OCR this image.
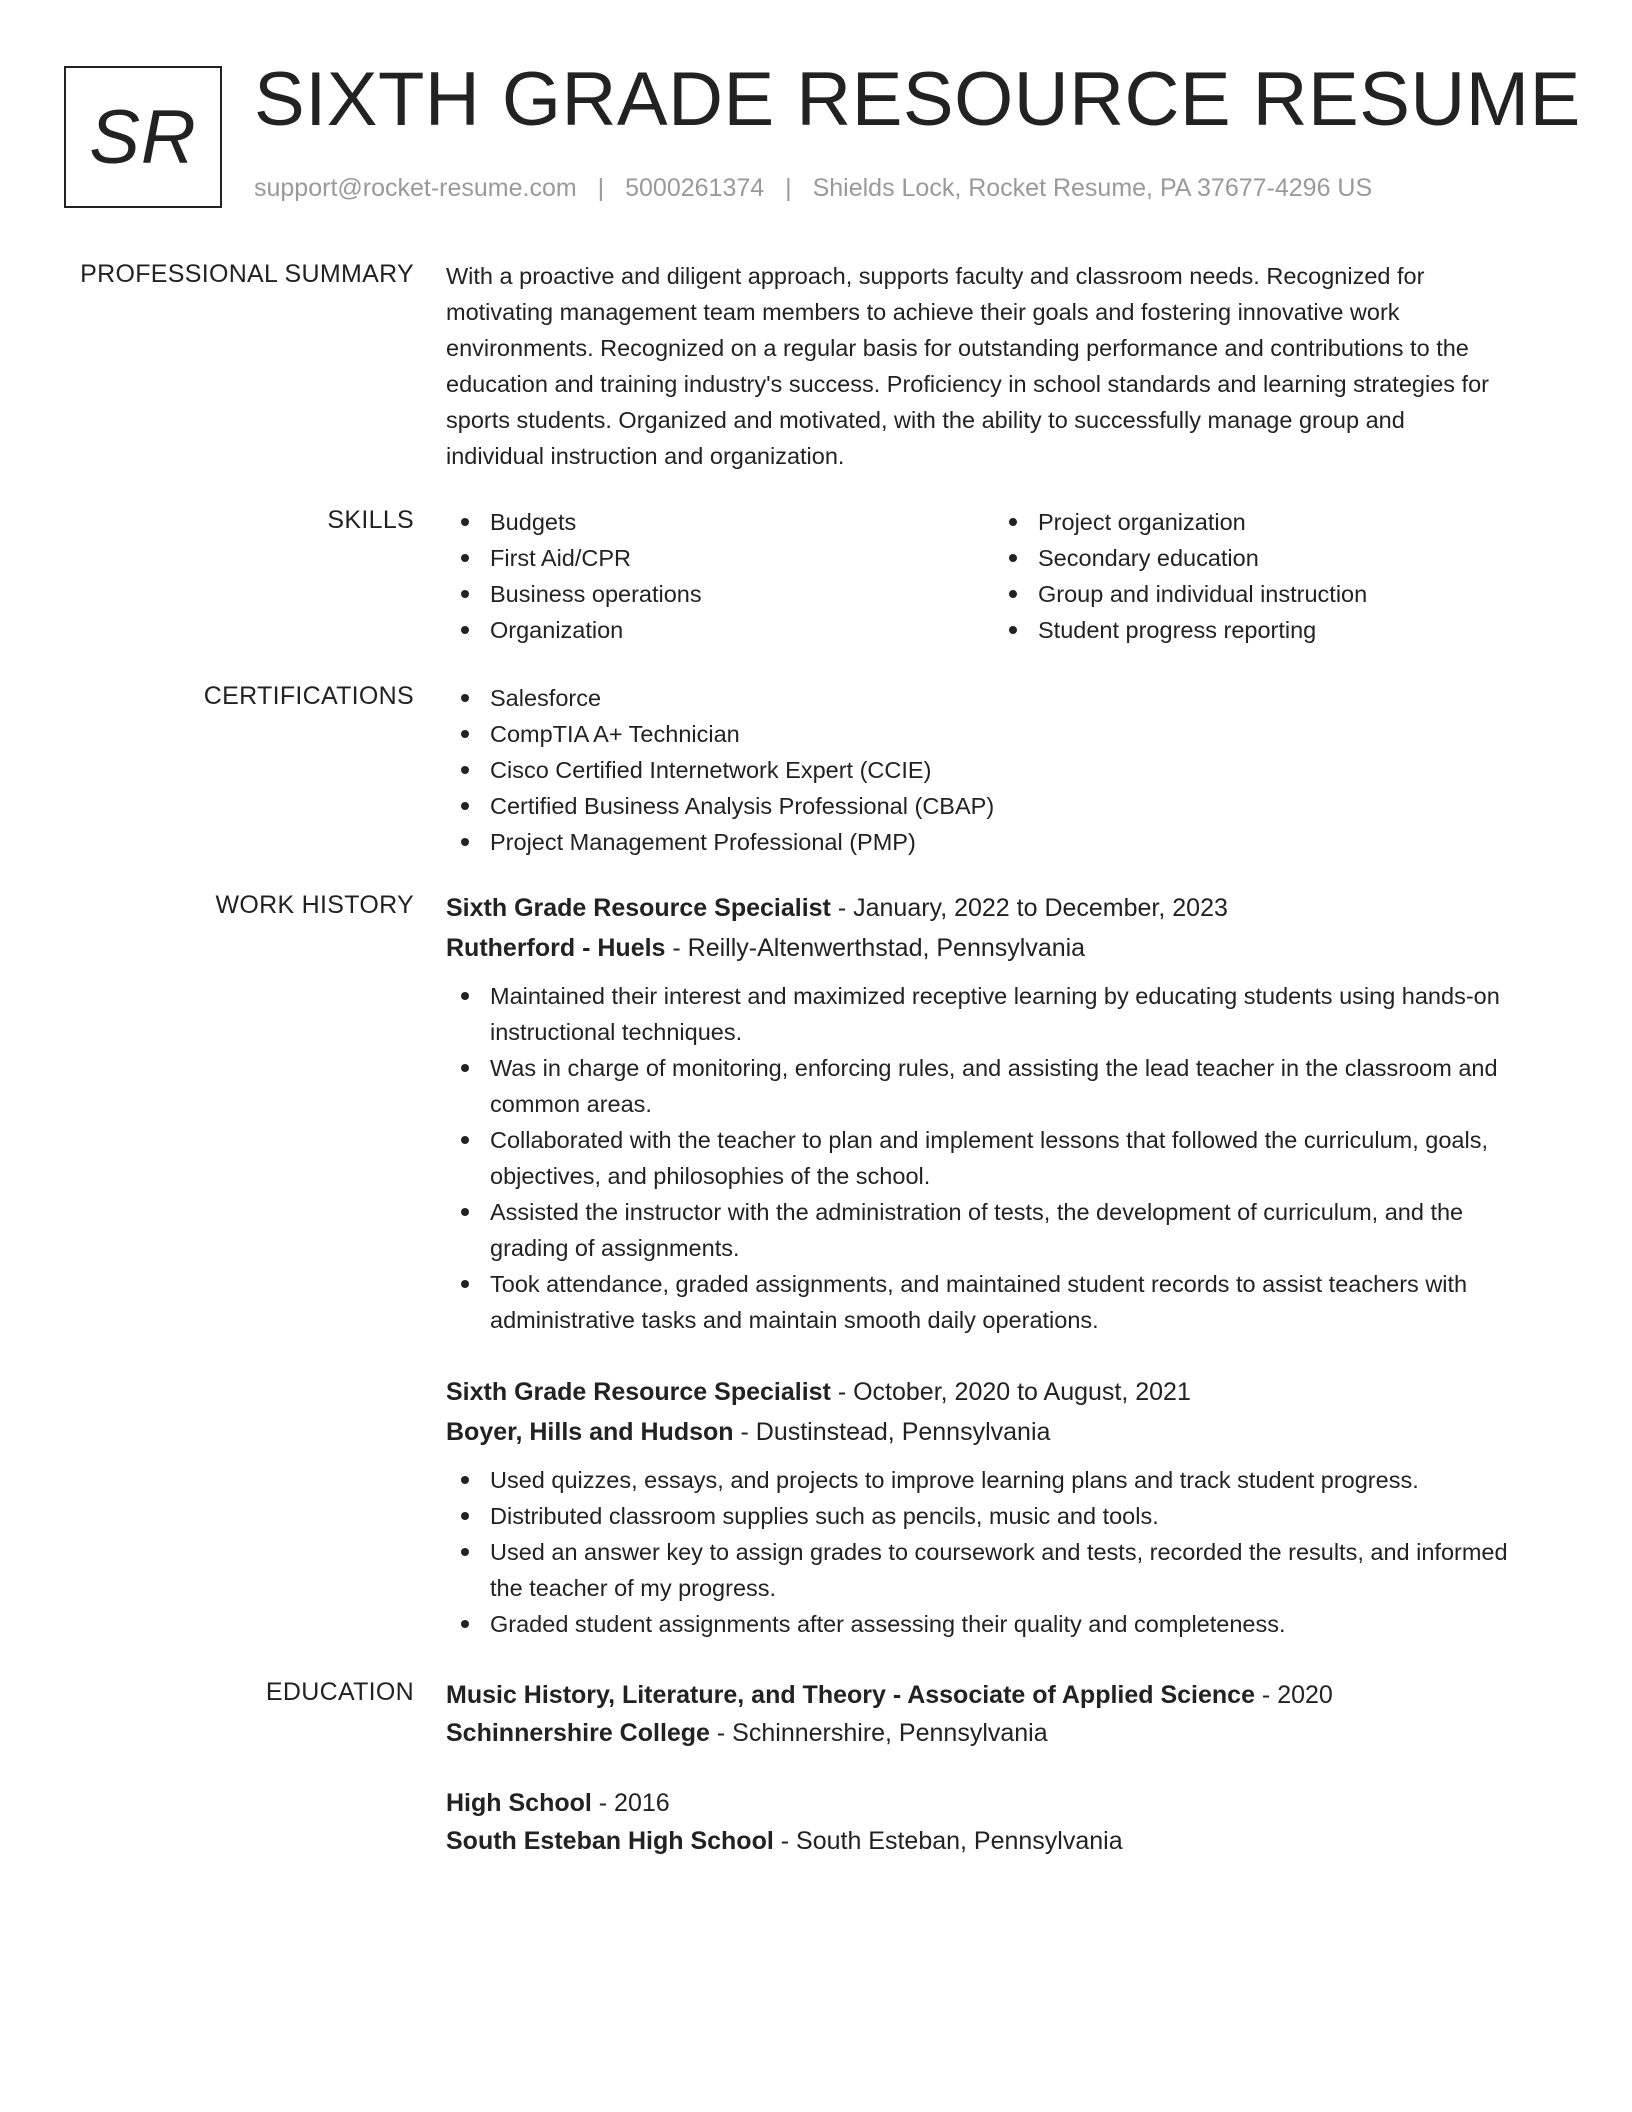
SR SIXTH GRADE RESOURCE RESUME
support@rocket-resume.com | 5000261374 | Shields Lock, Rocket Resume, PA 37677-4296 US
PROFESSIONAL SUMMARY With a proactive and diligent approach, supports faculty and classroom needs. Recognized for
motivating management team members to achieve their goals and fostering innovative work
environments. Recognized on a regular basis for outstanding performance and contributions to the
education and training industry's success. Proficiency in school standards and learning strategies for
sports students. Organized and motivated, with the ability to successfully manage group and
individual instruction and organization.
SKILLS	Budgets
First Aid/CPR
Business operations
Organization
Project organization
Secondary education
Group and individual instruction
Student progress reporting
CERTIFICATIONS	Salesforce
CompTIA A+ Technician
Cisco Certified Internetwork Expert (CCIE)
Certified Business Analysis Professional (CBAP)
Project Management Professional (PMP)
WORK HISTORY Sixth Grade Resource Specialist - January, 2022 to December, 2023
Rutherford - Huels - Reilly-Altenwerthstad, Pennsylvania
Maintained their interest and maximized receptive learning by educating students using hands-on
instructional techniques.
Was in charge of monitoring, enforcing rules, and assisting the lead teacher in the classroom and
common areas.
Collaborated with the teacher to plan and implement lessons that followed the curriculum, goals,
objectives, and philosophies of the school.
Assisted the instructor with the administration of tests, the development of curriculum, and the
grading of assignments.
Took attendance, graded assignments, and maintained student records to assist teachers with
administrative tasks and maintain smooth daily operations.
Sixth Grade Resource Specialist - October, 2020 to August, 2021
Boyer, Hills and Hudson - Dustinstead, Pennsylvania
Used quizzes, essays, and projects to improve learning plans and track student progress.
Distributed classroom supplies such as pencils, music and tools.
Used an answer key to assign grades to coursework and tests, recorded the results, and informed
the teacher of my progress.
Graded student assignments after assessing their quality and completeness.
EDUCATION Music History, Literature, and Theory - Associate of Applied Science - 2020
Schinnershire College - Schinnershire, Pennsylvania
High School - 2016
South Esteban High School - South Esteban, Pennsylvania
